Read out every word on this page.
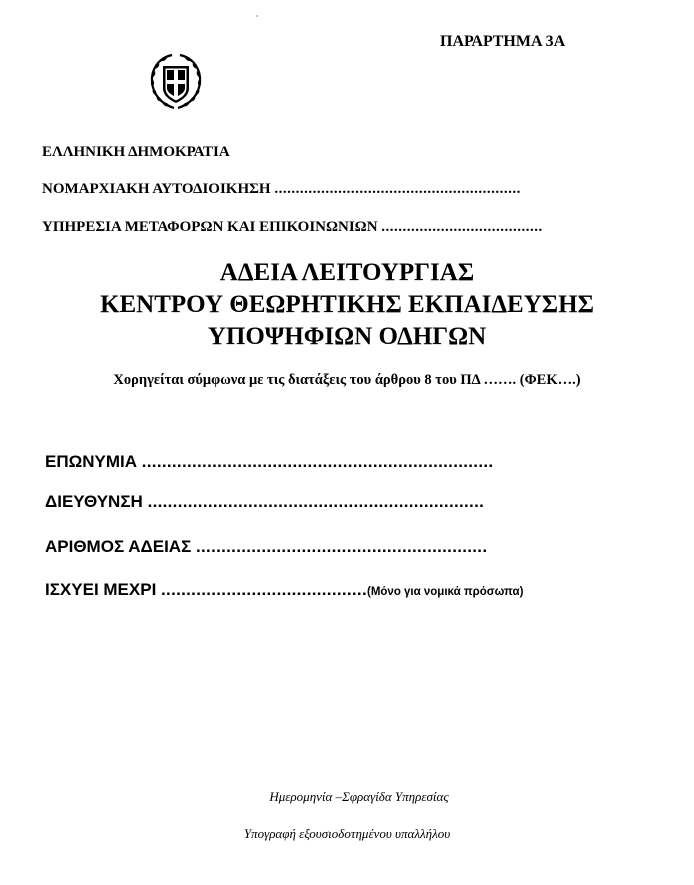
ΠΑΡΑΡΤΗΜΑ 3Α
ΕΛΛΗΝΙΚΗ ΔΗΜΟΚΡΑΤΙΑ
ΝΟΜΑΡΧΙΑΚΗ ΑΥΤΟΔΙΟΙΚΗΣΗ ..........................................................
ΥΠΗΡΕΣΙΑ ΜΕΤΑΦΟΡΩΝ ΚΑΙ ΕΠΙΚΟΙΝΩΝΙΩΝ ......................................
ΑΔΕΙΑ ΛΕΙΤΟΥΡΓΙΑΣ
ΚΕΝΤΡΟΥ ΘΕΩΡΗΤΙΚΗΣ ΕΚΠΑΙΔΕΥΣΗΣ
ΥΠΟΨΗΦΙΩΝ ΟΔΗΓΩΝ
Χορηγείται σύμφωνα με τις διατάξεις του άρθρου 8 του ΠΔ ……. (ΦΕΚ….)
ΕΠΩΝΥΜΙΑ ......................................................................
ΔΙΕΥΘΥΝΣΗ ...................................................................
ΑΡΙΘΜΟΣ ΑΔΕΙΑΣ ..........................................................
ΙΣΧΥΕΙ ΜΕΧΡΙ .........................................(Μόνο για νομικά πρόσωπα)
Ημερομηνία –Σφραγίδα Υπηρεσίας
Υπογραφή εξουσιοδοτημένου υπαλλήλου
